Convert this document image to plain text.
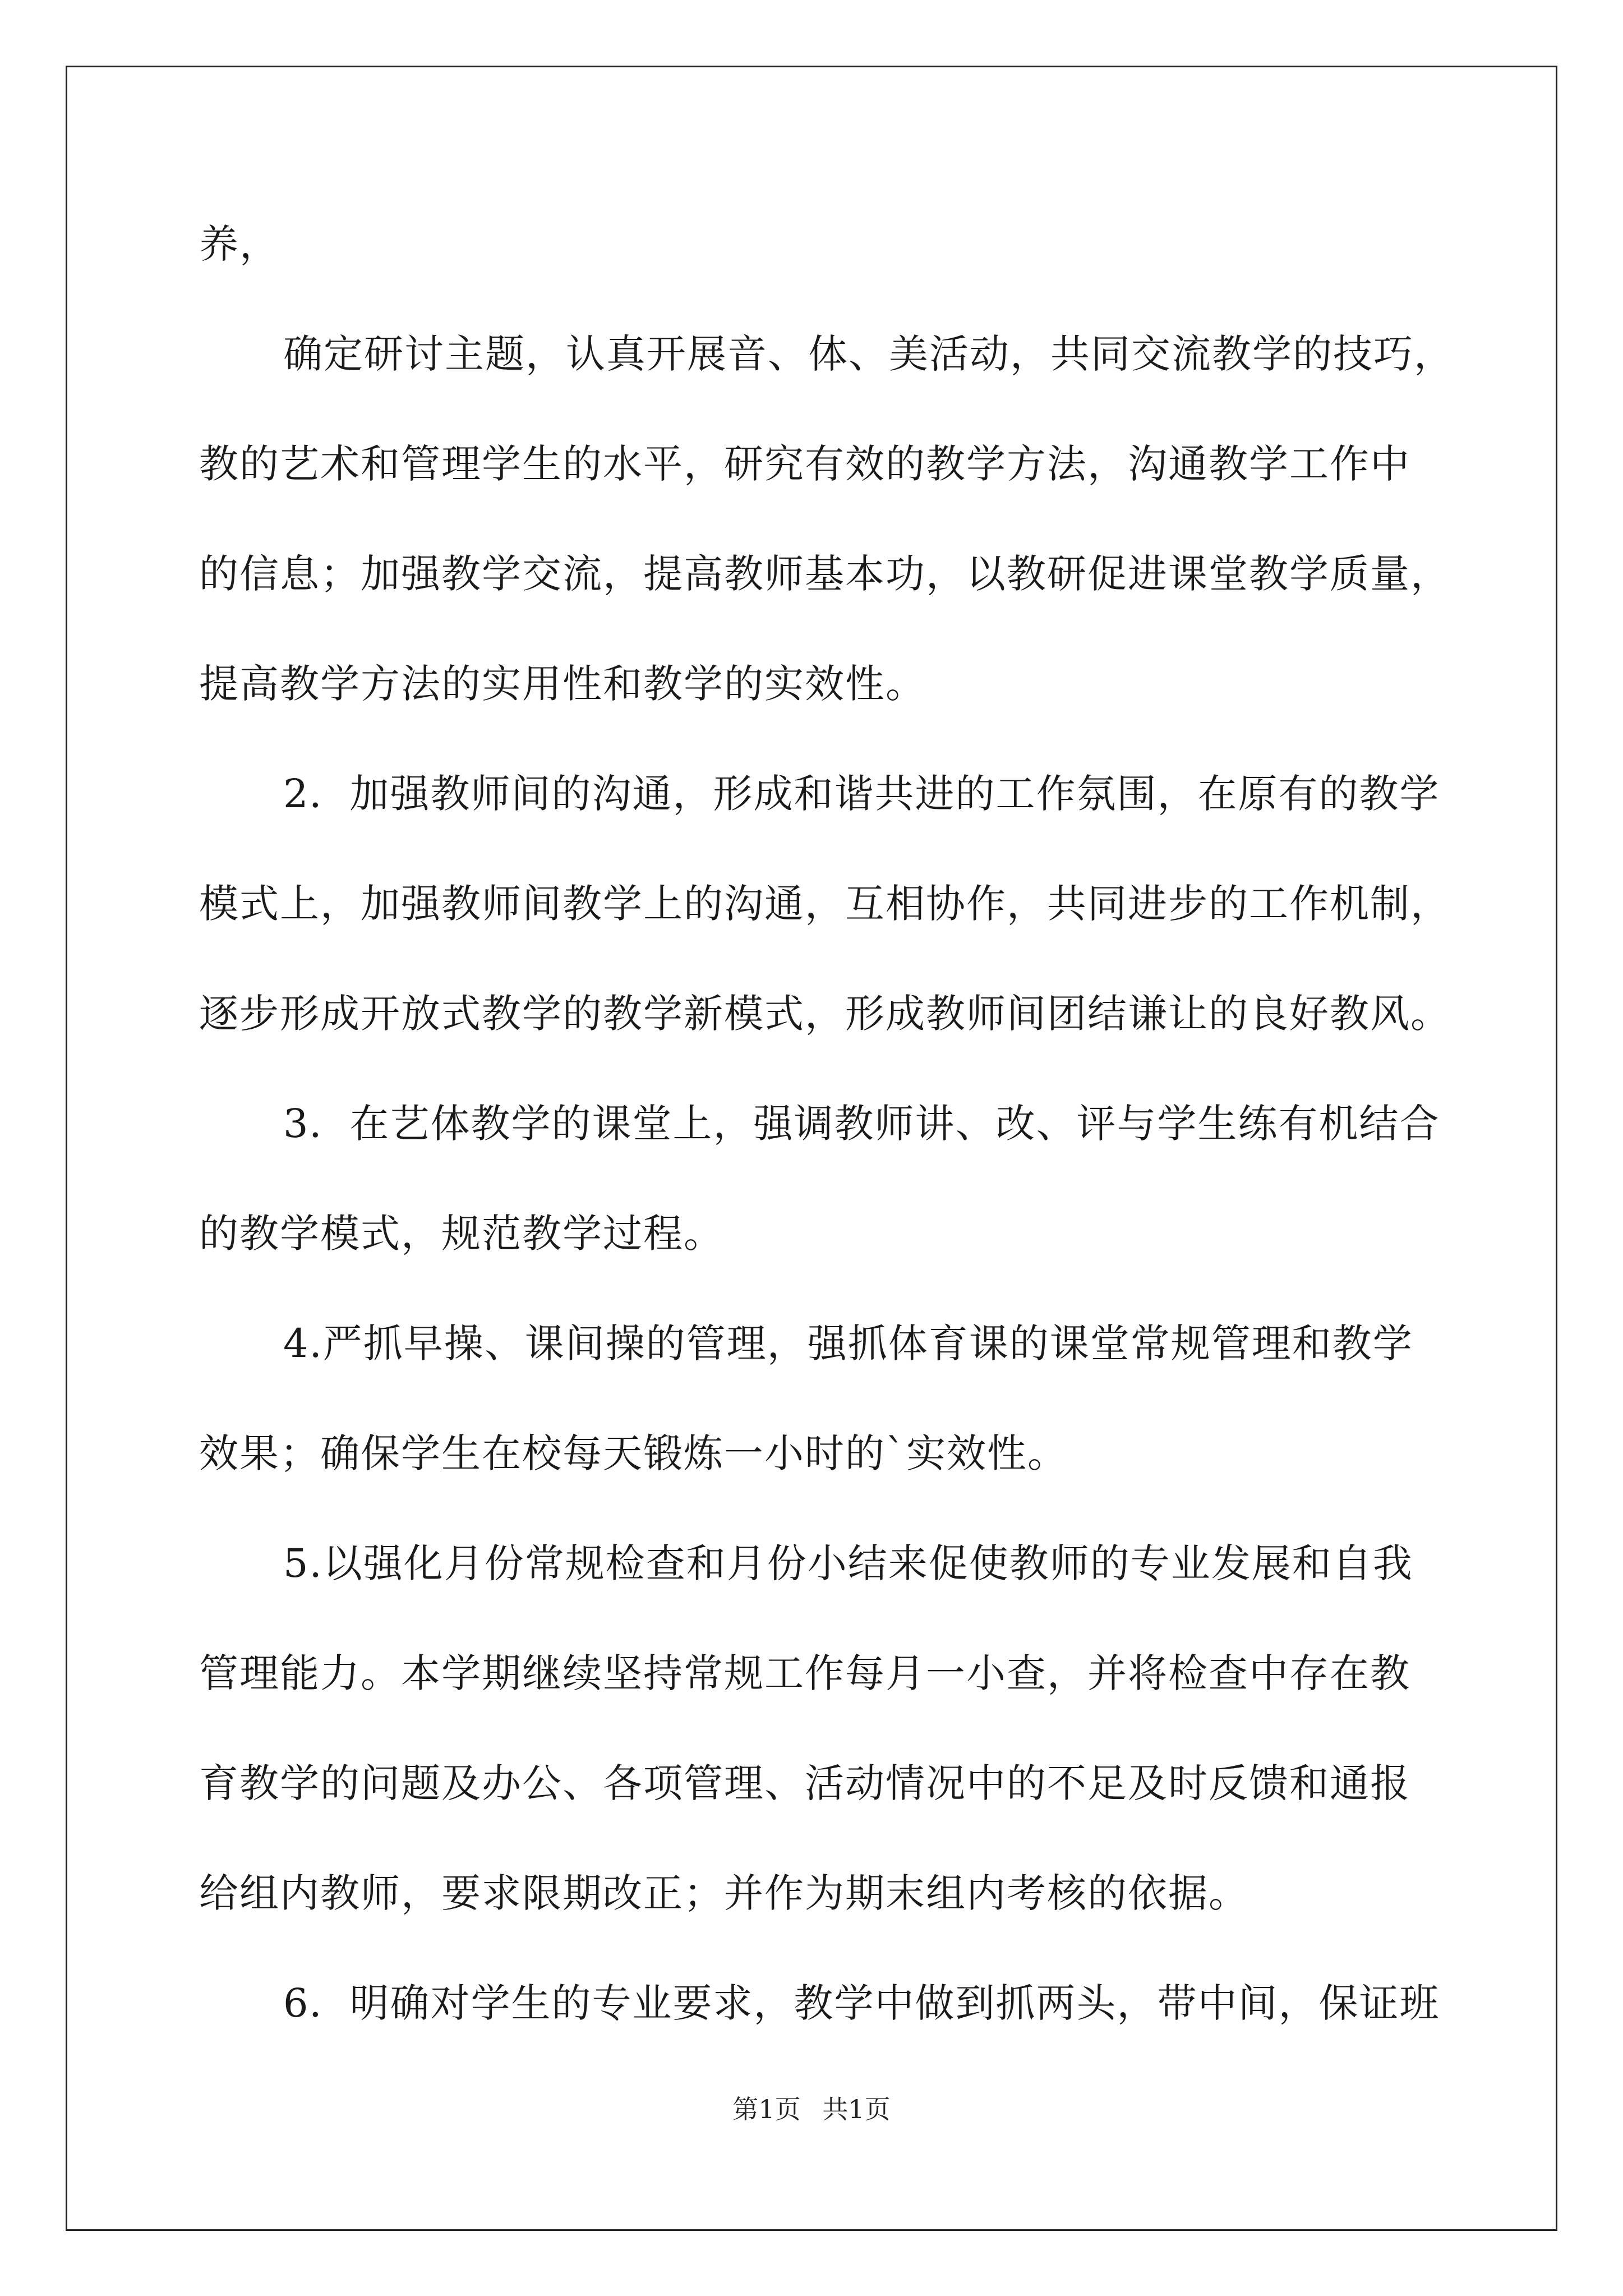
养，
确定研讨主题，认真开展音、体、美活动，共同交流教学的技巧，
教的艺术和管理学生的水平，研究有效的教学方法，沟通教学工作中
的信息；加强教学交流，提高教师基本功，以教研促进课堂教学质量，
提高教学方法的实用性和教学的实效性。
2．加强教师间的沟通，形成和谐共进的工作氛围，在原有的教学
模式上，加强教师间教学上的沟通，互相协作，共同进步的工作机制，
逐步形成开放式教学的教学新模式，形成教师间团结谦让的良好教风。
3．在艺体教学的课堂上，强调教师讲、改、评与学生练有机结合
的教学模式，规范教学过程。
4.严抓早操、课间操的管理，强抓体育课的课堂常规管理和教学
效果；确保学生在校每天锻炼一小时的`实效性。
5.以强化月份常规检查和月份小结来促使教师的专业发展和自我
管理能力。本学期继续坚持常规工作每月一小查，并将检查中存在教
育教学的问题及办公、各项管理、活动情况中的不足及时反馈和通报
给组内教师，要求限期改正；并作为期末组内考核的依据。
6．明确对学生的专业要求，教学中做到抓两头，带中间，保证班
第1页 共1页
